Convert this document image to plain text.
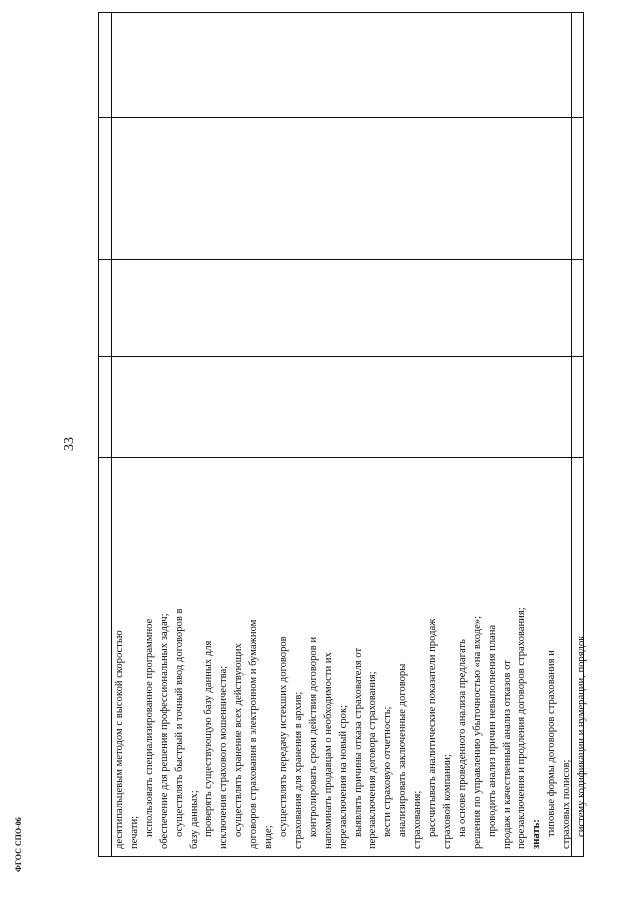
33

десятипальцевым методом с высокой скоростью печати; использовать специализированное программное обеспечение для решения профессиональных задач; осуществлять быстрый и точный ввод договоров в базу данных; проверять существующую базу данных для исключения страхового мошенничества; осуществлять хранение всех действующих договоров страхования в электронном и бумажном виде;

осуществлять передачу истекших договоров страхования для хранения в архив; контролировать сроки действия договоров и напоминать продавцам о необходимости их перезаключения на новый срок; выявлять причины отказа страхователя от перезаключения договора страхования; вести страховую отчетность; анализировать заключенные договоры страхования; рассчитывать аналитические показатели продаж страховой компании; на основе проведенного анализа предлагать решения по управлению убыточностью «на входе»; проводить анализ причин невыполнения плана продаж и качественный анализ отказов от перезаключения и продления договоров страхования; знать: типовые формы договоров страхования и страховых полисов; систему кодификации и нумерации, порядок

ФГОС СПО-06
